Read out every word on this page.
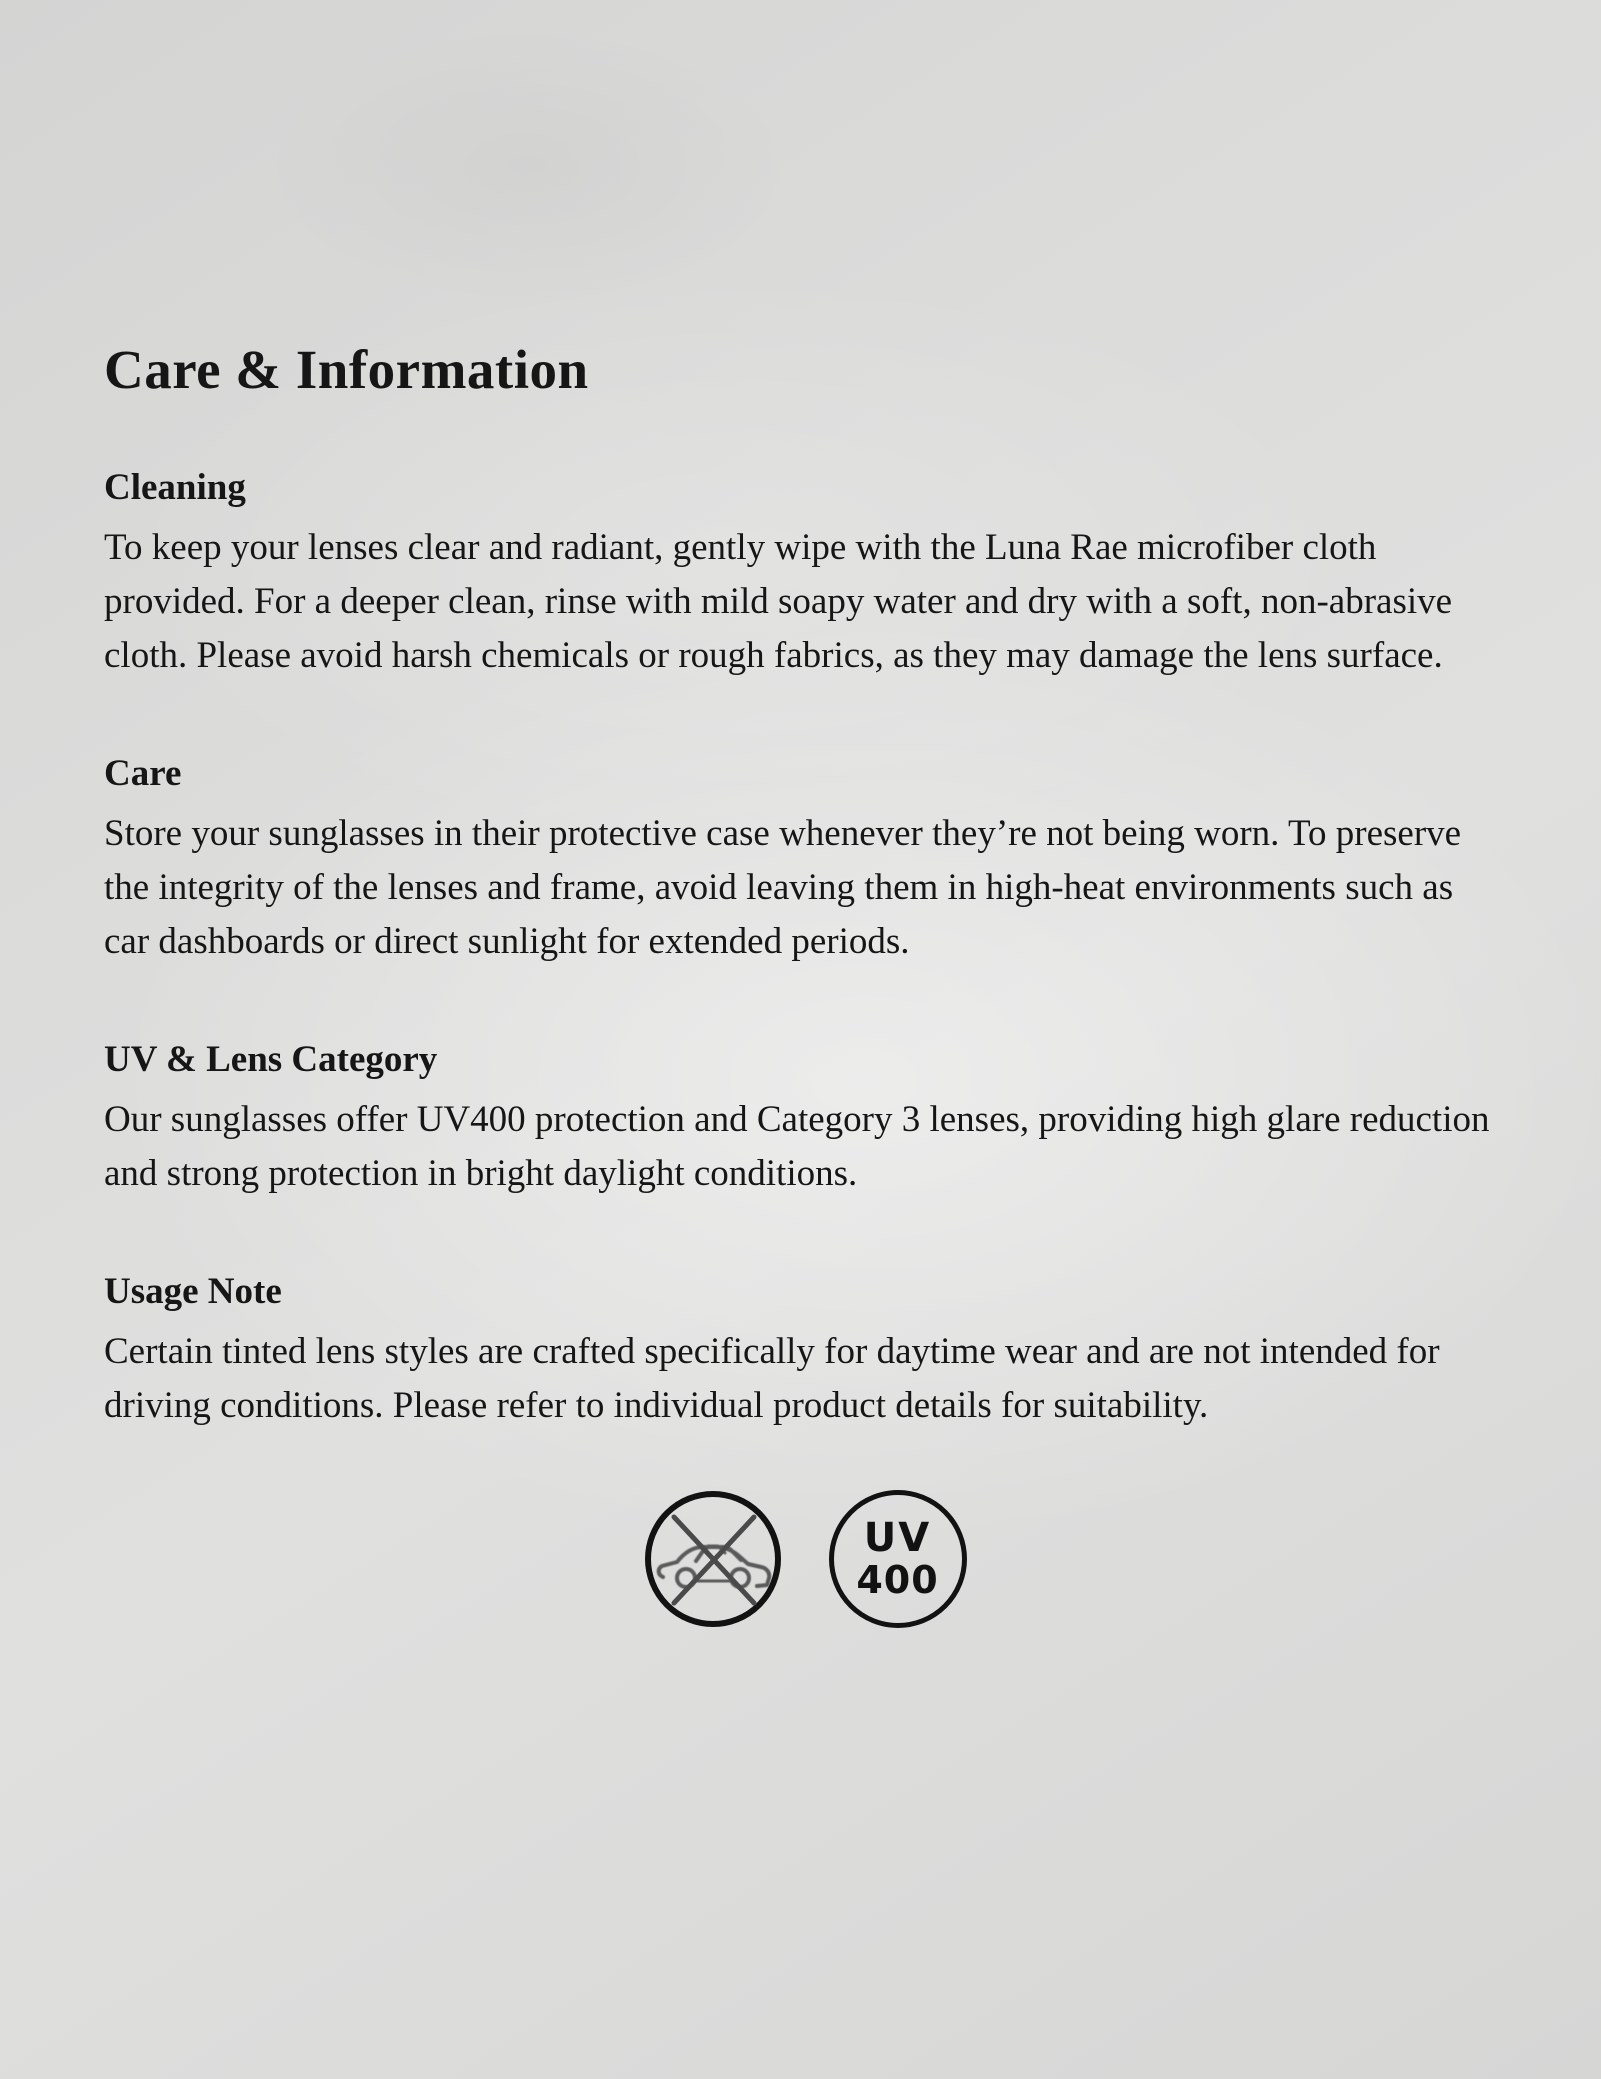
Care & Information
Cleaning

To keep your lenses clear and radiant, gently wipe with the Luna Rae microfiber cloth provided. For a deeper clean, rinse with mild soapy water and dry with a soft, non-abrasive cloth. Please avoid harsh chemicals or rough fabrics, as they may damage the lens surface.

Care

Store your sunglasses in their protective case whenever they’re not being worn. To preserve the integrity of the lenses and frame, avoid leaving them in high-heat environments such as car dashboards or direct sunlight for extended periods.

UV & Lens Category

Our sunglasses offer UV400 protection and Category 3 lenses, providing high glare reduction and strong protection in bright daylight conditions.

Usage Note

Certain tinted lens styles are crafted specifically for daytime wear and are not intended for driving conditions. Please refer to individual product details for suitability.

UV
400
